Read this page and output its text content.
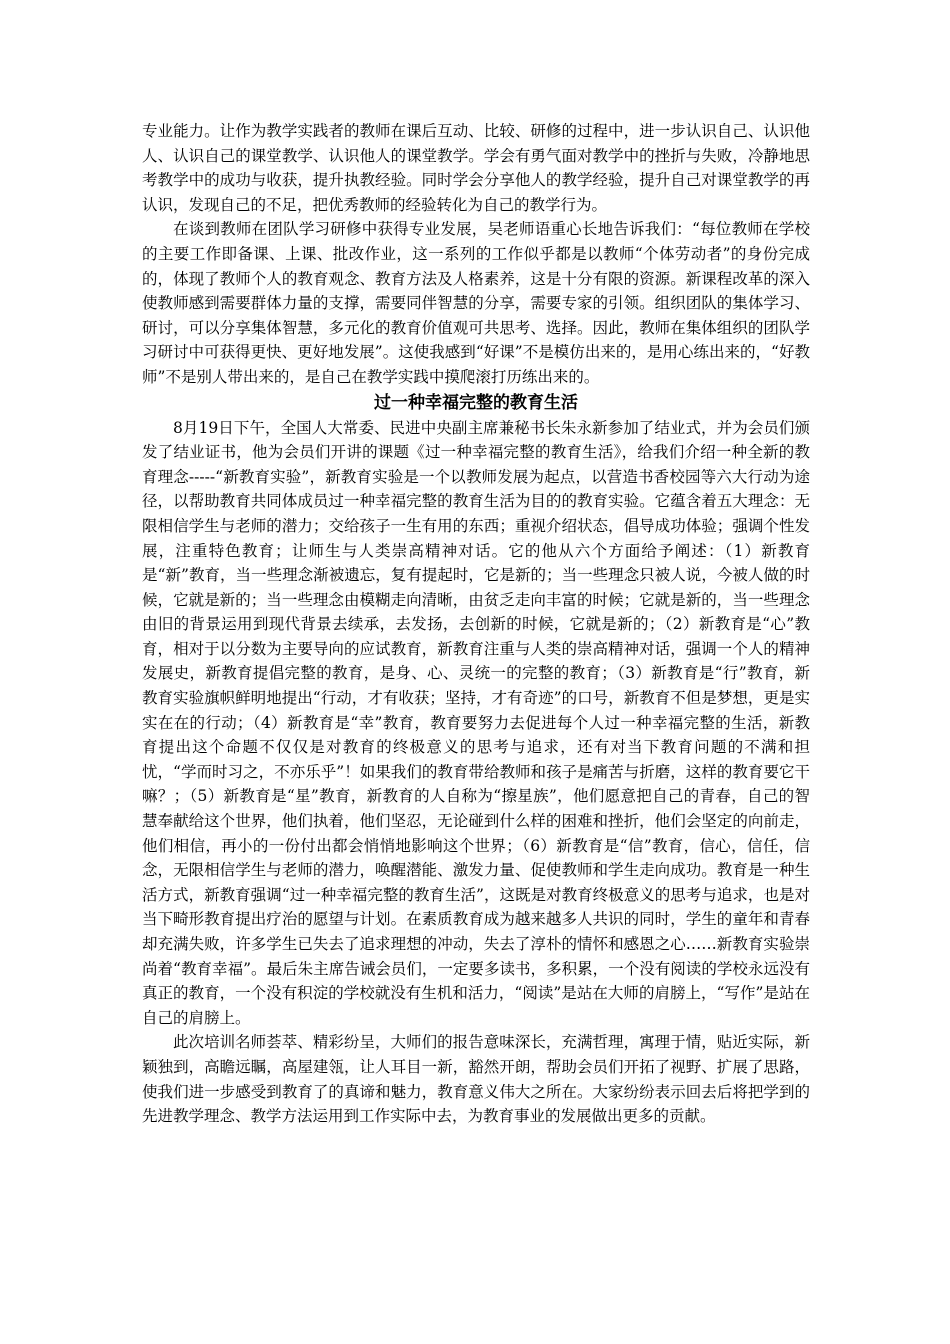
专业能力。让作为教学实践者的教师在课后互动、比较、研修的过程中，进一步认识自己、认识他人、认识自己的课堂教学、认识他人的课堂教学。学会有勇气面对教学中的挫折与失败，冷静地思考教学中的成功与收获，提升执教经验。同时学会分享他人的教学经验，提升自己对课堂教学的再认识，发现自己的不足，把优秀教师的经验转化为自己的教学行为。

在谈到教师在团队学习研修中获得专业发展，吴老师语重心长地告诉我们：“每位教师在学校的主要工作即备课、上课、批改作业，这一系列的工作似乎都是以教师“个体劳动者”的身份完成的，体现了教师个人的教育观念、教育方法及人格素养，这是十分有限的资源。新课程改革的深入使教师感到需要群体力量的支撑，需要同伴智慧的分享，需要专家的引领。组织团队的集体学习、研讨，可以分享集体智慧，多元化的教育价值观可共思考、选择。因此，教师在集体组织的团队学习研讨中可获得更快、更好地发展”。这使我感到“好课”不是模仿出来的，是用心练出来的，“好教师”不是别人带出来的，是自己在教学实践中摸爬滚打历练出来的。

过一种幸福完整的教育生活

8月19日下午，全国人大常委、民进中央副主席兼秘书长朱永新参加了结业式，并为会员们颁发了结业证书，他为会员们开讲的课题《过一种幸福完整的教育生活》，给我们介绍一种全新的教育理念-----“新教育实验”，新教育实验是一个以教师发展为起点，以营造书香校园等六大行动为途径，以帮助教育共同体成员过一种幸福完整的教育生活为目的的教育实验。它蕴含着五大理念：无限相信学生与老师的潜力；交给孩子一生有用的东西；重视介绍状态，倡导成功体验；强调个性发展，注重特色教育；让师生与人类崇高精神对话。它的他从六个方面给予阐述：（1）新教育是“新”教育，当一些理念渐被遗忘，复有提起时，它是新的；当一些理念只被人说，今被人做的时候，它就是新的；当一些理念由模糊走向清晰，由贫乏走向丰富的时候；它就是新的，当一些理念由旧的背景运用到现代背景去续承，去发扬，去创新的时候，它就是新的；（2）新教育是“心”教育，相对于以分数为主要导向的应试教育，新教育注重与人类的崇高精神对话，强调一个人的精神发展史，新教育提倡完整的教育，是身、心、灵统一的完整的教育；（3）新教育是“行”教育，新教育实验旗帜鲜明地提出“行动，才有收获；坚持，才有奇迹”的口号，新教育不但是梦想，更是实实在在的行动；（4）新教育是“幸”教育，教育要努力去促进每个人过一种幸福完整的生活，新教育提出这个命题不仅仅是对教育的终极意义的思考与追求，还有对当下教育问题的不满和担忧，“学而时习之，不亦乐乎”！如果我们的教育带给教师和孩子是痛苦与折磨，这样的教育要它干嘛？；（5）新教育是“星”教育，新教育的人自称为“擦星族”，他们愿意把自己的青春，自己的智慧奉献给这个世界，他们执着，他们坚忍，无论碰到什么样的困难和挫折，他们会坚定的向前走，他们相信，再小的一份付出都会悄悄地影响这个世界；（6）新教育是“信”教育，信心，信任，信念，无限相信学生与老师的潜力，唤醒潜能、激发力量、促使教师和学生走向成功。教育是一种生活方式，新教育强调“过一种幸福完整的教育生活”，这既是对教育终极意义的思考与追求，也是对当下畸形教育提出疗治的愿望与计划。在素质教育成为越来越多人共识的同时，学生的童年和青春却充满失败，许多学生已失去了追求理想的冲动，失去了淳朴的情怀和感恩之心……新教育实验崇尚着“教育幸福”。最后朱主席告诫会员们，一定要多读书，多积累，一个没有阅读的学校永远没有真正的教育，一个没有积淀的学校就没有生机和活力，“阅读”是站在大师的肩膀上，“写作”是站在自己的肩膀上。

此次培训名师荟萃、精彩纷呈，大师们的报告意味深长，充满哲理，寓理于情，贴近实际，新颖独到，高瞻远瞩，高屋建瓴，让人耳目一新，豁然开朗，帮助会员们开拓了视野、扩展了思路，使我们进一步感受到教育了的真谛和魅力，教育意义伟大之所在。大家纷纷表示回去后将把学到的先进教学理念、教学方法运用到工作实际中去，为教育事业的发展做出更多的贡献。
